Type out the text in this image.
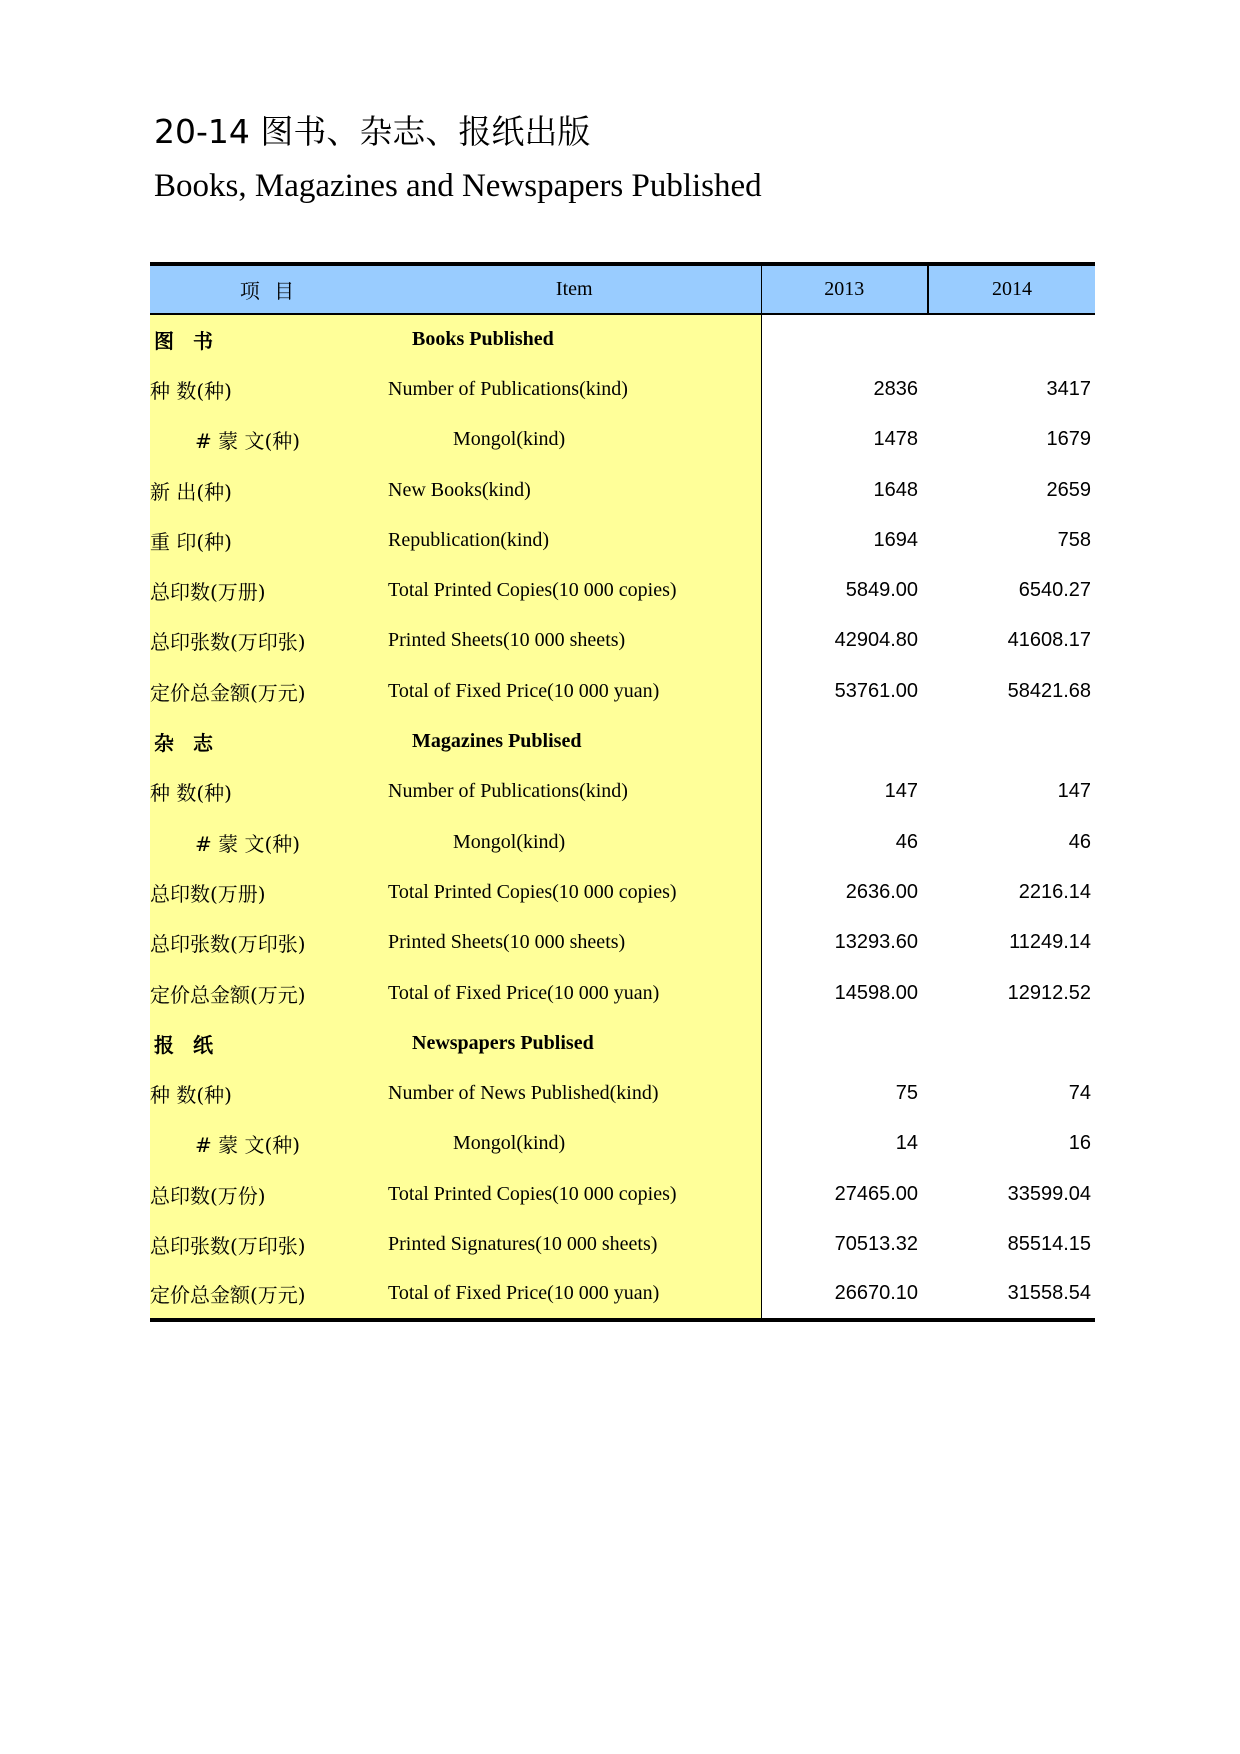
20-14 图书、杂志、报纸出版
Books, Magazines and Newspapers Published
项 目	Item	2013	2014
图 书	Books Published		
种 数(种)	Number of Publications(kind)	2836	3417
# 蒙 文(种)	Mongol(kind)	1478	1679
新 出(种)	New Books(kind)	1648	2659
重 印(种)	Republication(kind)	1694	758
总印数(万册)	Total Printed Copies(10 000 copies)	5849.00	6540.27
总印张数(万印张)	Printed Sheets(10 000 sheets)	42904.80	41608.17
定价总金额(万元)	Total of Fixed Price(10 000 yuan)	53761.00	58421.68
杂 志	Magazines Publised		
种 数(种)	Number of Publications(kind)	147	147
# 蒙 文(种)	Mongol(kind)	46	46
总印数(万册)	Total Printed Copies(10 000 copies)	2636.00	2216.14
总印张数(万印张)	Printed Sheets(10 000 sheets)	13293.60	11249.14
定价总金额(万元)	Total of Fixed Price(10 000 yuan)	14598.00	12912.52
报 纸	Newspapers Publised		
种 数(种)	Number of News Published(kind)	75	74
# 蒙 文(种)	Mongol(kind)	14	16
总印数(万份)	Total Printed Copies(10 000 copies)	27465.00	33599.04
总印张数(万印张)	Printed Signatures(10 000 sheets)	70513.32	85514.15
定价总金额(万元)	Total of Fixed Price(10 000 yuan)	26670.10	31558.54
